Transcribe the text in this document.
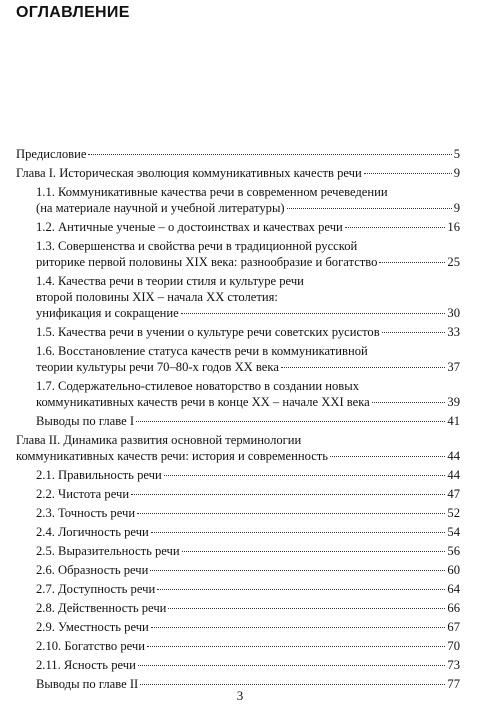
ОГЛАВЛЕНИЕ
Предисловие	5
Глава I. Историческая эволюция коммуникативных качеств речи	9
1.1. Коммуникативные качества речи в современном речеведении
(на материале научной и учебной литературы)	9
1.2. Античные ученые – о достоинствах и качествах речи	16
1.3. Совершенства и свойства речи в традиционной русской
риторике первой половины XIX века: разнообразие и богатство	25
1.4. Качества речи в теории стиля и культуре речи
второй половины XIX – начала XX столетия:
унификация и сокращение	30
1.5. Качества речи в учении о культуре речи советских русистов	33
1.6. Восстановление статуса качеств речи в коммуникативной
теории культуры речи 70–80-х годов XX века	37
1.7. Содержательно-стилевое новаторство в создании новых
коммуникативных качеств речи в конце XX – начале XXI века	39
Выводы по главе I	41
Глава II. Динамика развития основной терминологии
коммуникативных качеств речи: история и современность	44
2.1. Правильность речи	44
2.2. Чистота речи	47
2.3. Точность речи	52
2.4. Логичность речи	54
2.5. Выразительность речи	56
2.6. Образность речи	60
2.7. Доступность речи	64
2.8. Действенность речи	66
2.9. Уместность речи	67
2.10. Богатство речи	70
2.11. Ясность речи	73
Выводы по главе II	77
3
